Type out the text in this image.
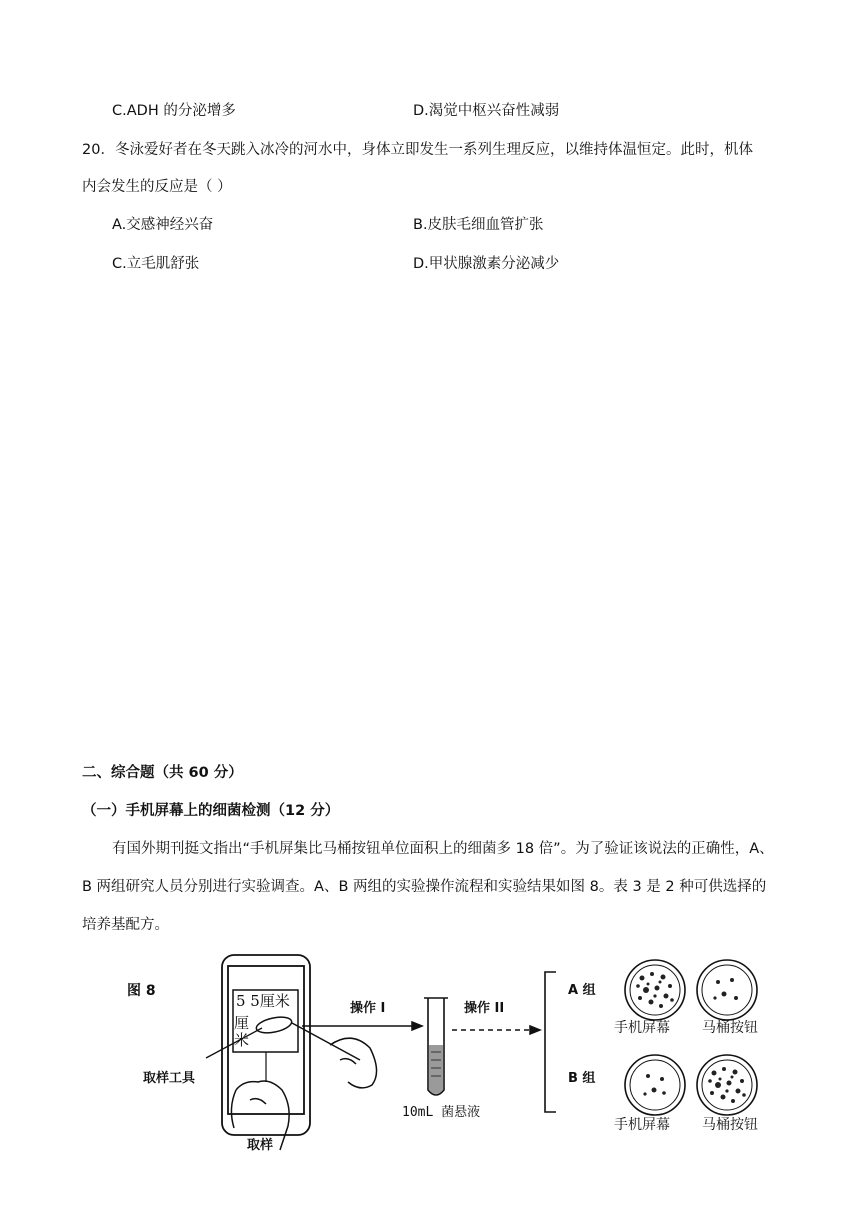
C.ADH 的分泌增多	D.渴觉中枢兴奋性减弱
20．冬泳爱好者在冬天跳入冰冷的河水中，身体立即发生一系列生理反应，以维持体温恒定。此时，机体
内会发生的反应是（ ）
A.交感神经兴奋	B.皮肤毛细血管扩张
C.立毛肌舒张	D.甲状腺激素分泌减少
二、综合题（共 60 分）
（一）手机屏幕上的细菌检测（12 分）
有国外期刊挺文指出“手机屏集比马桶按钮单位面积上的细菌多 18 倍”。为了验证该说法的正确性，A、
B 两组研究人员分别进行实验调查。A、B 两组的实验操作流程和实验结果如图 8。表 3 是 2 种可供选择的
培养基配方。
图 8
5 5厘米
厘
米
操作 I	操作 II
取样工具
取样
10mL 菌悬液
A 组
B 组
手机屏幕 马桶按钮
手机屏幕 马桶按钮
